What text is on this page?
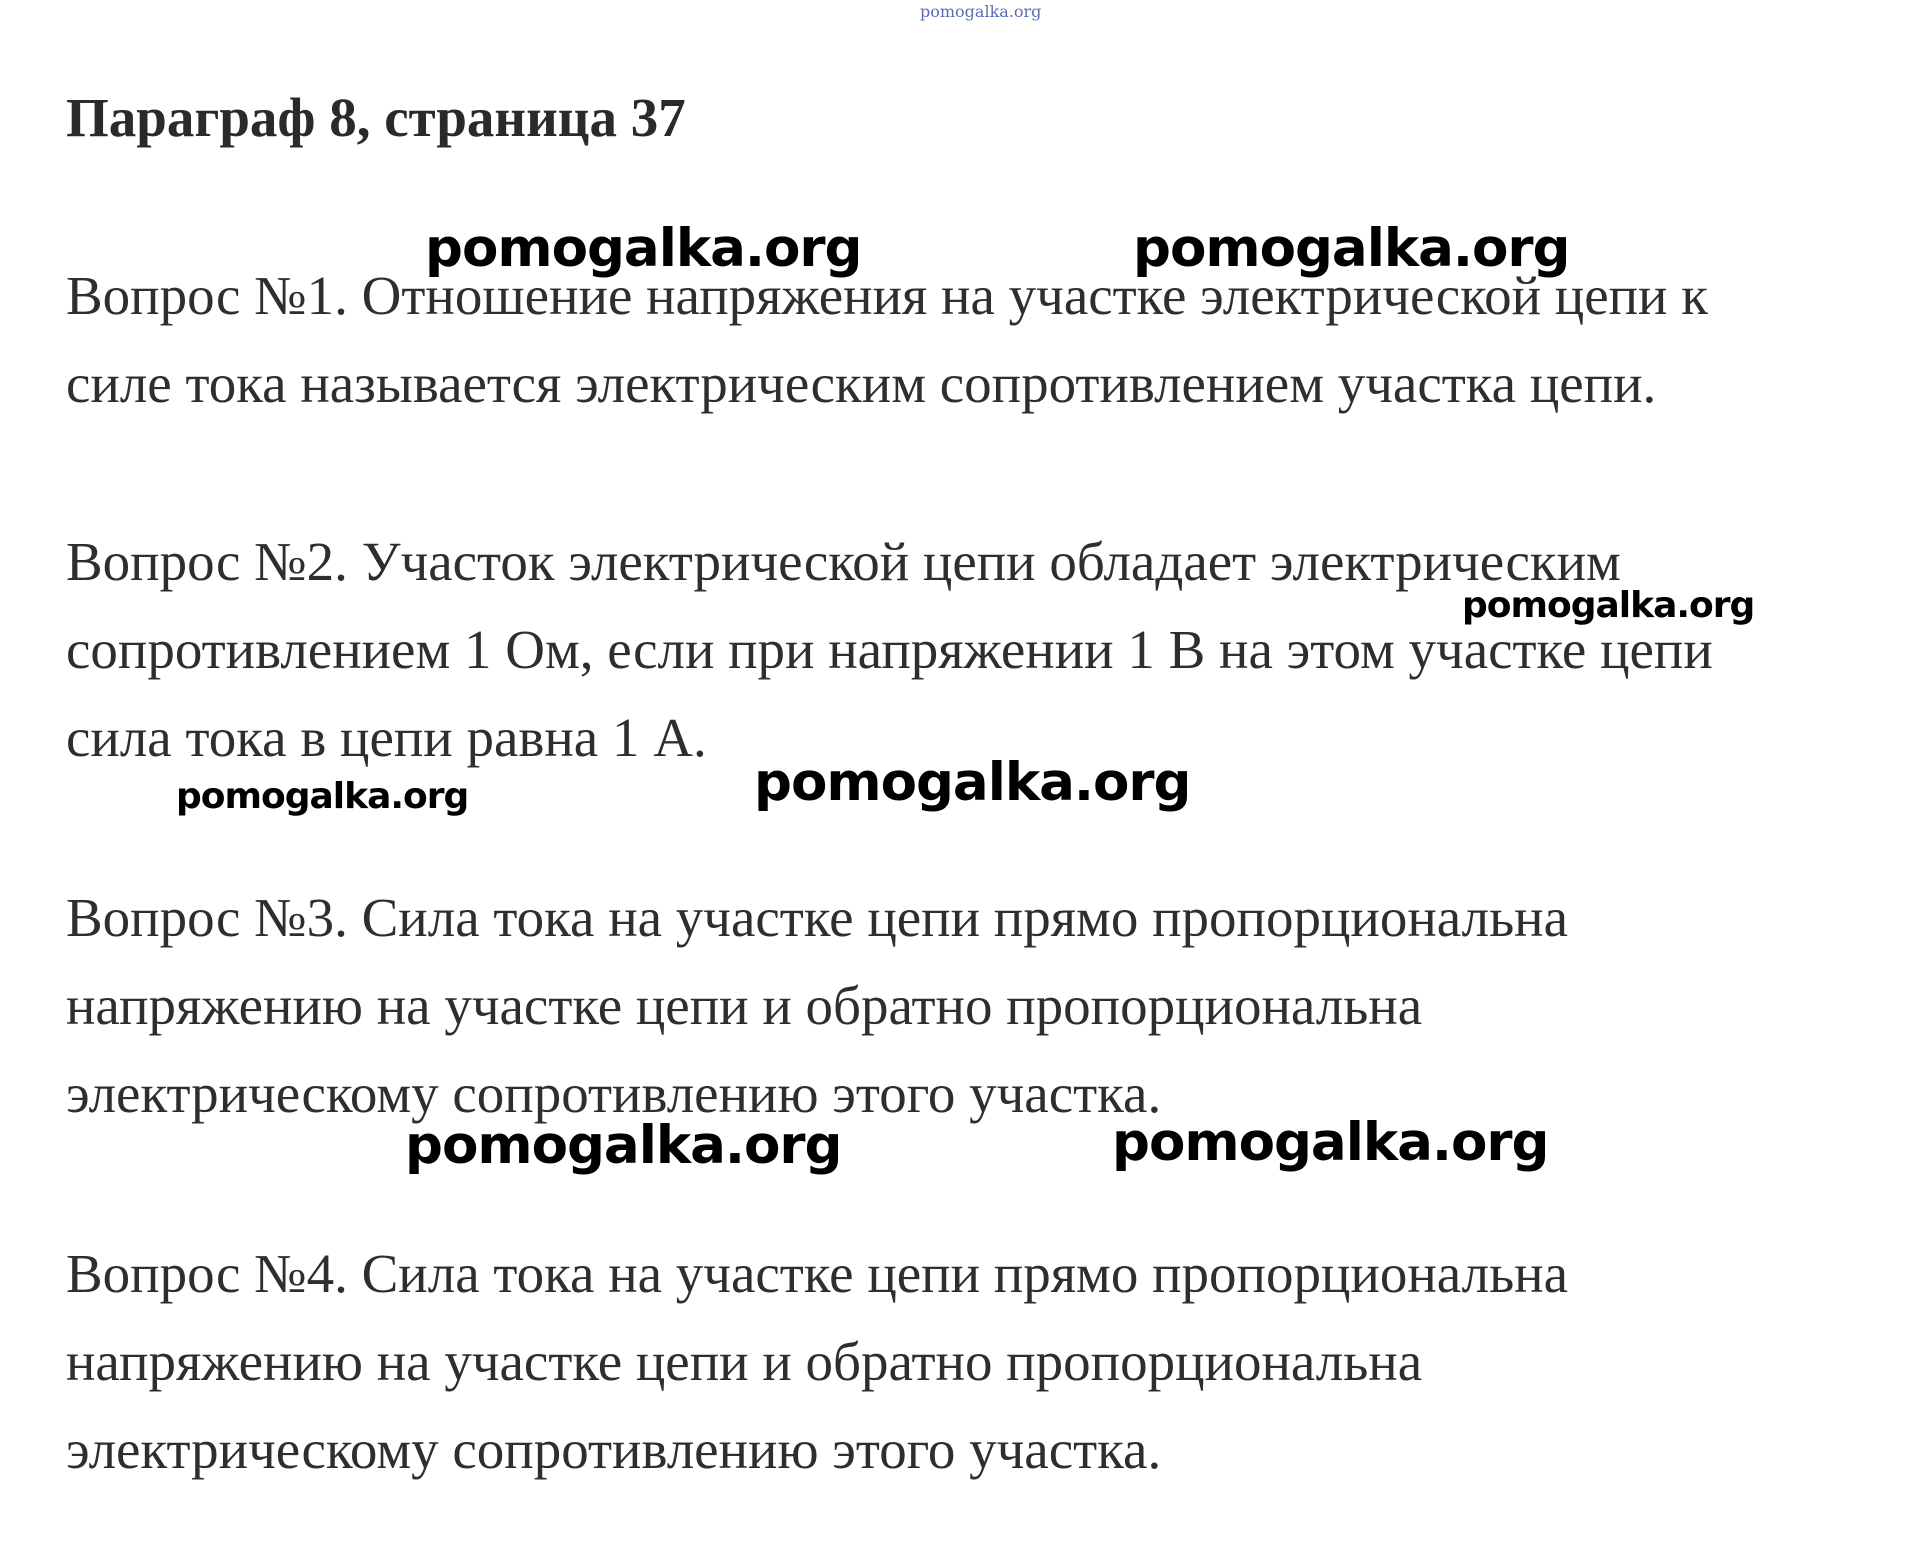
pomogalka.org
Параграф 8, страница 37
Вопрос №1. Отношение напряжения на участке электрической цепи к
силе тока называется электрическим сопротивлением участка цепи.
Вопрос №2. Участок электрической цепи обладает электрическим
сопротивлением 1 Ом, если при напряжении 1 В на этом участке цепи
сила тока в цепи равна 1 А.
Вопрос №3. Сила тока на участке цепи прямо пропорциональна
напряжению на участке цепи и обратно пропорциональна
электрическому сопротивлению этого участка.
Вопрос №4. Сила тока на участке цепи прямо пропорциональна
напряжению на участке цепи и обратно пропорциональна
электрическому сопротивлению этого участка.
pomogalka.org	pomogalka.org
pomogalka.org
pomogalka.org	pomogalka.org
pomogalka.org	pomogalka.org
